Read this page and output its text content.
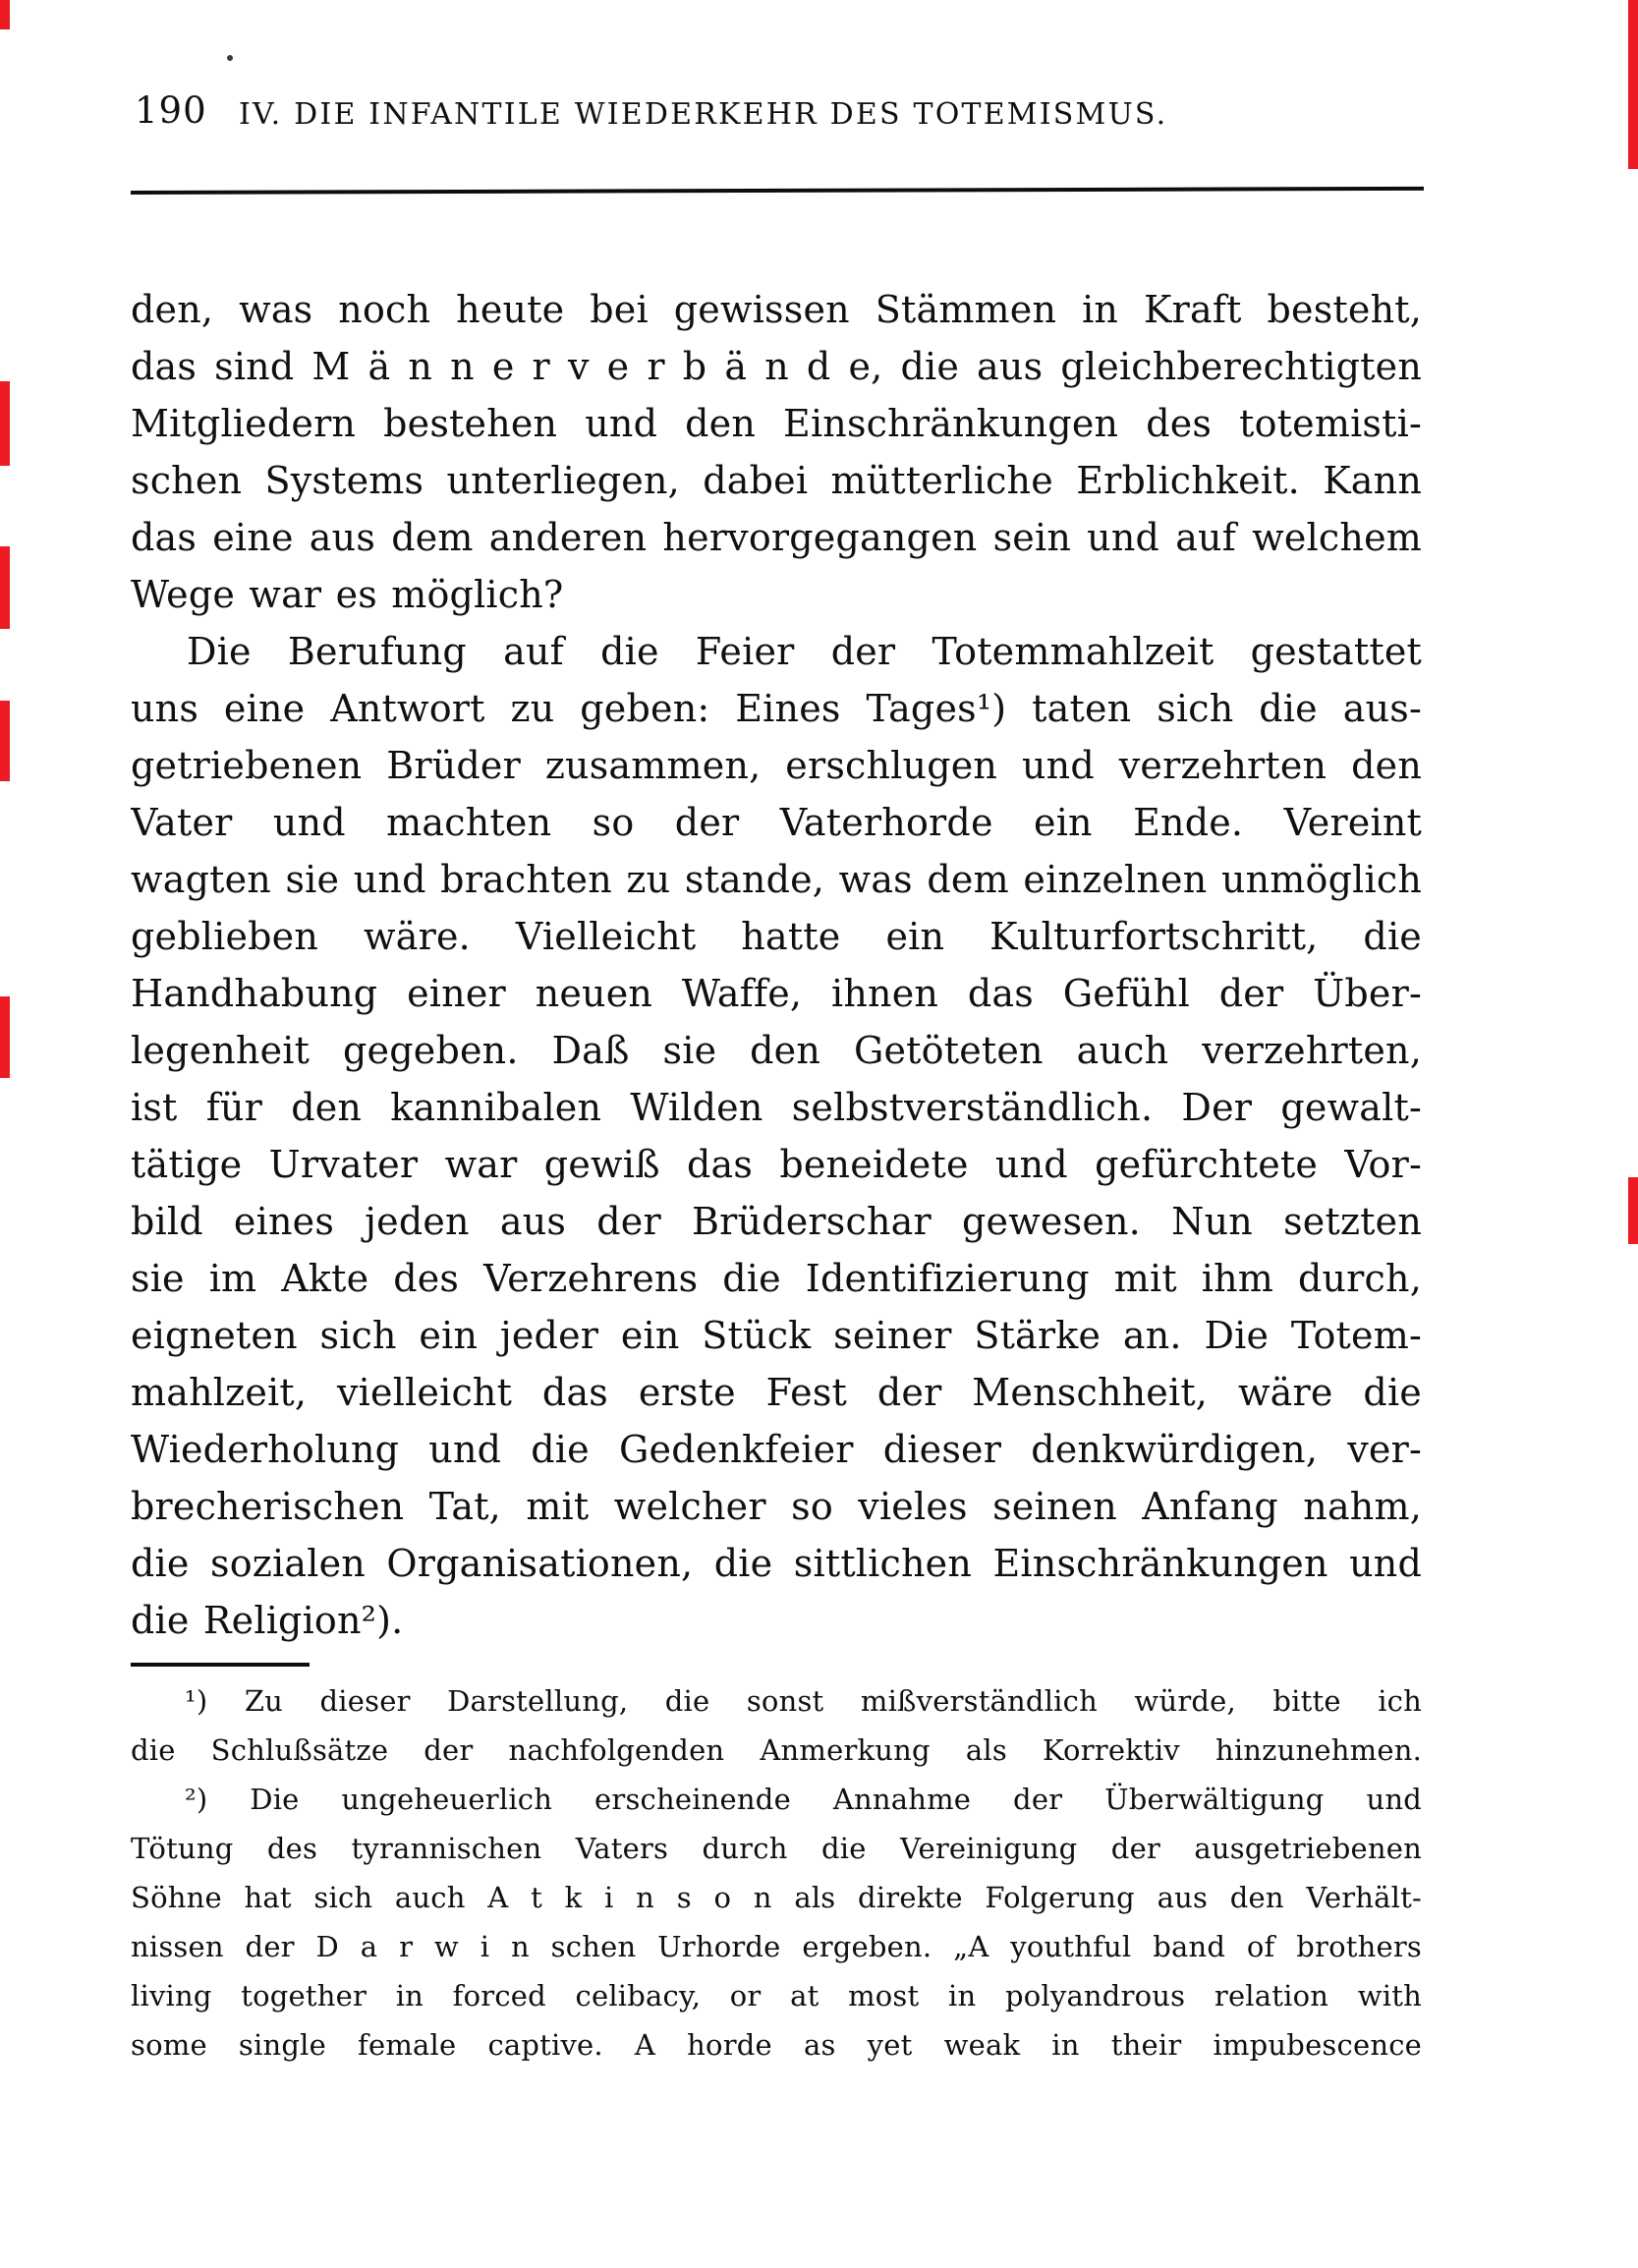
190 IV. DIE INFANTILE WIEDERKEHR DES TOTEMISMUS.
den, was noch heute bei gewissen Stämmen in Kraft besteht,
das sind M ä n n e r v e r b ä n d e, die aus gleichberechtigten
Mitgliedern bestehen und den Einschränkungen des totemisti-
schen Systems unterliegen, dabei mütterliche Erblichkeit. Kann
das eine aus dem anderen hervorgegangen sein und auf welchem
Wege war es möglich?
Die Berufung auf die Feier der Totemmahlzeit gestattet
uns eine Antwort zu geben: Eines Tages¹) taten sich die aus-
getriebenen Brüder zusammen, erschlugen und verzehrten den
Vater und machten so der Vaterhorde ein Ende. Vereint
wagten sie und brachten zu stande, was dem einzelnen unmöglich
geblieben wäre. Vielleicht hatte ein Kulturfortschritt, die
Handhabung einer neuen Waffe, ihnen das Gefühl der Über-
legenheit gegeben. Daß sie den Getöteten auch verzehrten,
ist für den kannibalen Wilden selbstverständlich. Der gewalt-
tätige Urvater war gewiß das beneidete und gefürchtete Vor-
bild eines jeden aus der Brüderschar gewesen. Nun setzten
sie im Akte des Verzehrens die Identifizierung mit ihm durch,
eigneten sich ein jeder ein Stück seiner Stärke an. Die Totem-
mahlzeit, vielleicht das erste Fest der Menschheit, wäre die
Wiederholung und die Gedenkfeier dieser denkwürdigen, ver-
brecherischen Tat, mit welcher so vieles seinen Anfang nahm,
die sozialen Organisationen, die sittlichen Einschränkungen und
die Religion²).
¹) Zu dieser Darstellung, die sonst mißverständlich würde, bitte ich
die Schlußsätze der nachfolgenden Anmerkung als Korrektiv hinzunehmen.
²) Die ungeheuerlich erscheinende Annahme der Überwältigung und
Tötung des tyrannischen Vaters durch die Vereinigung der ausgetriebenen
Söhne hat sich auch A t k i n s o n als direkte Folgerung aus den Verhält-
nissen der D a r w i n schen Urhorde ergeben. „A youthful band of brothers
living together in forced celibacy, or at most in polyandrous relation with
some single female captive. A horde as yet weak in their impubescence
